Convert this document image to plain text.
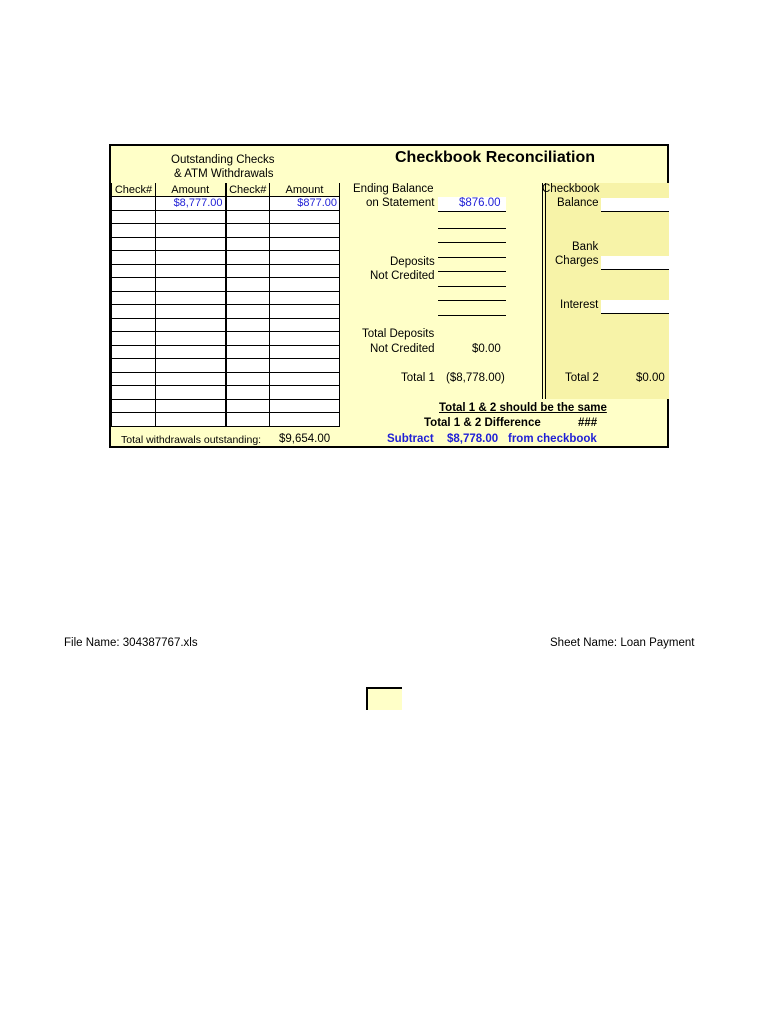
Checkbook Reconciliation
Outstanding Checks
& ATM Withdrawals
Check#	Amount	Check#	Amount
	$8,777.00		$877.00

Total withdrawals outstanding: $9,654.00
Ending Balance
on Statement $876.00
Deposits
Not Credited
Total Deposits
Not Credited	$0.00
Total 1 ($8,778.00)
Checkbook
Balance
Bank
Charges
Interest
Total 2	$0.00
Total 1 & 2 should be the same
Total 1 & 2 Difference	###
Subtract $8,778.00 from checkbook
File Name: 304387767.xls	Sheet Name: Loan Payment
